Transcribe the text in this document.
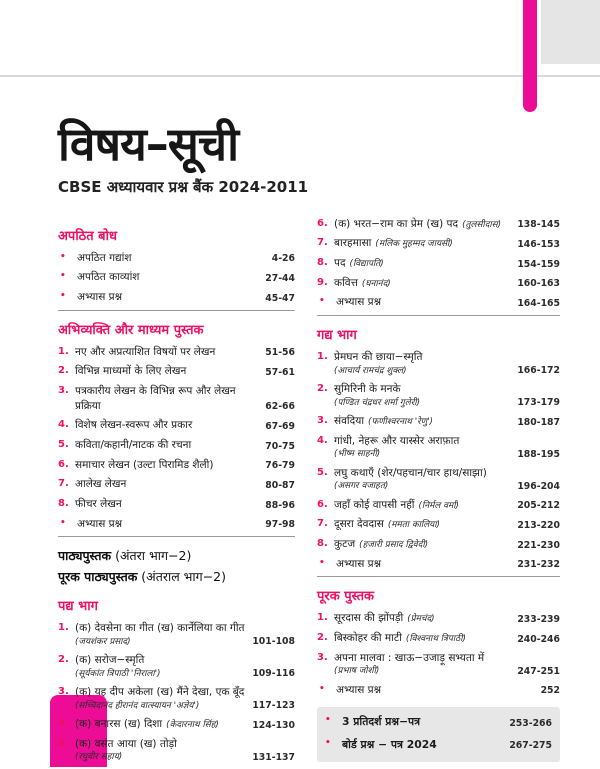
विषय–सूची
CBSE अध्यायवार प्रश्न बैंक 2024-2011
अपठित बोध
•	अपठित गद्यांश	4-26
•	अपठित काव्यांश	27-44
•	अभ्यास प्रश्न	45-47
अभिव्यक्ति और माध्यम पुस्तक
1. नए और अप्रत्याशित विषयों पर लेखन	51-56
2. विभिन्न माध्यमों के लिए लेखन	57-61
3. पत्रकारीय लेखन के विभिन्न रूप और लेखन प्रक्रिया	62-66
4. विशेष लेखन-स्वरूप और प्रकार	67-69
5. कविता/कहानी/नाटक की रचना	70-75
6. समाचार लेखन (उल्टा पिरामिड शैली)	76-79
7. आलेख लेखन	80-87
8. फीचर लेखन	88-96
•	अभ्यास प्रश्न	97-98
पाठ्यपुस्तक (अंतरा भाग−2)
पूरक पाठ्यपुस्तक (अंतराल भाग−2)
पद्य भाग
1. (क) देवसेना का गीत (ख) कार्नेलिया का गीत
(जयशंकर प्रसाद)	101-108
2. (क) सरोज−स्मृति
(सूर्यकांत त्रिपाठी 'निराला')	109-116
3. (क) यह दीप अकेला (ख) मैंने देखा, एक बूँद
(सच्चिदानंद हीरानंद वात्स्यायन 'अज्ञेय')	117-123
4. (क) बनारस (ख) दिशा (केदारनाथ सिंह)	124-130
5. (क) वसंत आया (ख) तोड़ो
(रघुवीर सहाय)	131-137
6. (क) भरत−राम का प्रेम (ख) पद (तुलसीदास)	138-145
7. बारहमासा (मलिक मुहम्मद जायसी)	146-153
8. पद (विद्यापति)	154-159
9. कवित्त (घनानंद)	160-163
•	अभ्यास प्रश्न	164-165
गद्य भाग
1. प्रेमघन की छाया−स्मृति
(आचार्य रामचंद्र शुक्ल)	166-172
2. सुमिरिनी के मनके
(पण्डित चंद्रधर शर्मा गुलेरी)	173-179
3. संवदिया (फणीश्वरनाथ 'रेणु')	180-187
4. गांधी, नेहरू और यास्सेर अराफ़ात
(भीष्म साहनी)	188-195
5. लघु कथाएँ (शेर/पहचान/चार हाथ/साझा)
(असगर वजाहत)	196-204
6. जहाँ कोई वापसी नहीं (निर्मल वर्मा)	205-212
7. दूसरा देवदास (ममता कालिया)	213-220
8. कुटज (हजारी प्रसाद द्विवेदी)	221-230
•	अभ्यास प्रश्न	231-232
पूरक पुस्तक
1. सूरदास की झोंपड़ी (प्रेमचंद)	233-239
2. बिस्कोहर की माटी (विश्वनाथ त्रिपाठी)	240-246
3. अपना मालवा : खाऊ−उजाड़ू सभ्यता में
(प्रभाष जोशी)	247-251
•	अभ्यास प्रश्न	252
•	3 प्रतिदर्श प्रश्न−पत्र	253-266
•	बोर्ड प्रश्न − पत्र 2024	267-275
